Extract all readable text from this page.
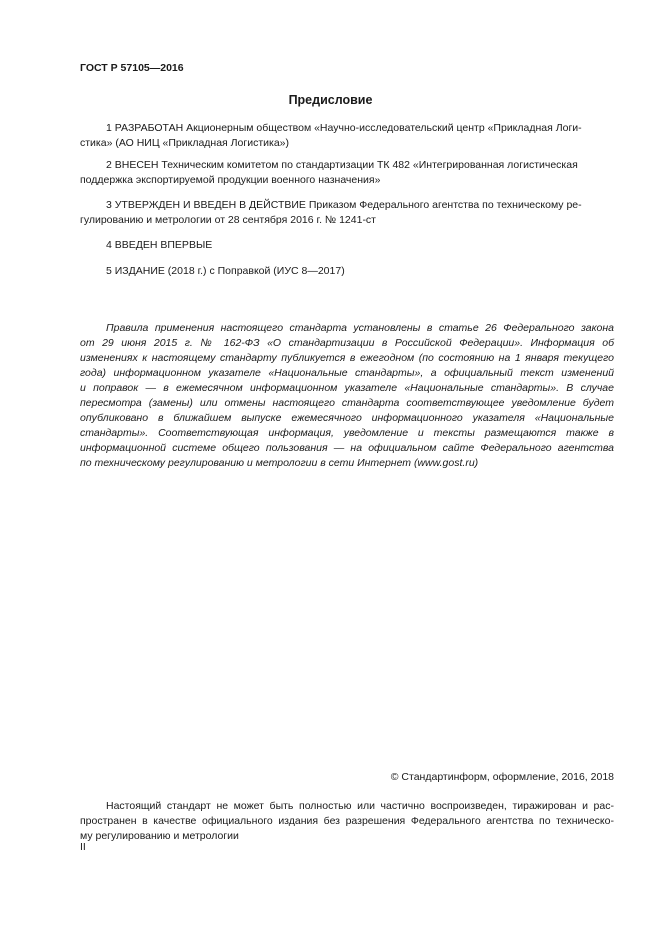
ГОСТ Р 57105—2016
Предисловие

1 РАЗРАБОТАН Акционерным обществом «Научно-исследовательский центр «Прикладная Логи-
стика» (АО НИЦ «Прикладная Логистика»)

2 ВНЕСЕН Техническим комитетом по стандартизации ТК 482 «Интегрированная логистическая
поддержка экспортируемой продукции военного назначения»

3 УТВЕРЖДЕН И ВВЕДЕН В ДЕЙСТВИЕ Приказом Федерального агентства по техническому ре-
гулированию и метрологии от 28 сентября 2016 г. № 1241-ст

4 ВВЕДЕН ВПЕРВЫЕ

5 ИЗДАНИЕ (2018 г.) с Поправкой (ИУС 8—2017)

Правила применения настоящего стандарта установлены в статье 26 Федерального закона
от 29 июня 2015 г. № 162-ФЗ «О стандартизации в Российской Федерации». Информация об
изменениях к настоящему стандарту публикуется в ежегодном (по состоянию на 1 января текущего
года) информационном указателе «Национальные стандарты», а официальный текст изменений
и поправок — в ежемесячном информационном указателе «Национальные стандарты». В случае
пересмотра (замены) или отмены настоящего стандарта соответствующее уведомление будет
опубликовано в ближайшем выпуске ежемесячного информационного указателя «Национальные
стандарты». Соответствующая информация, уведомление и тексты размещаются также в
информационной системе общего пользования — на официальном сайте Федерального агентства
по техническому регулированию и метрологии в сети Интернет (www.gost.ru)

© Стандартинформ, оформление, 2016, 2018

Настоящий стандарт не может быть полностью или частично воспроизведен, тиражирован и рас-
пространен в качестве официального издания без разрешения Федерального агентства по техническо-
му регулированию и метрологии

II
